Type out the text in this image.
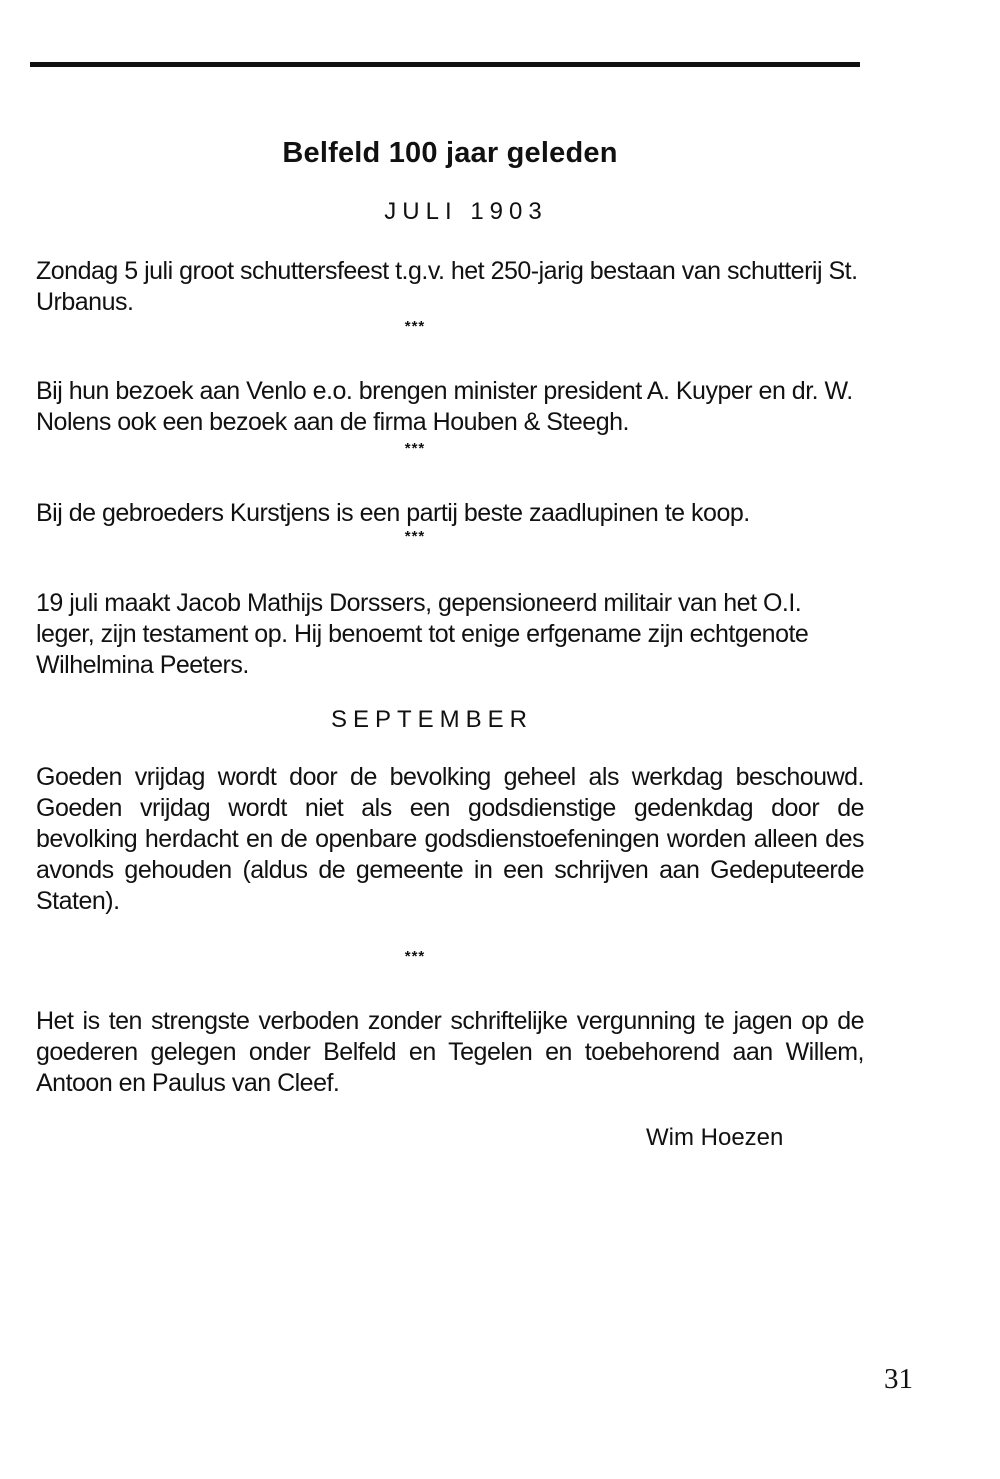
Belfeld 100 jaar geleden
JULI 1903

Zondag 5 juli groot schuttersfeest t.g.v. het 250-jarig bestaan van schutterij St. Urbanus.

***

Bij hun bezoek aan Venlo e.o. brengen minister president A. Kuyper en dr. W. Nolens ook een bezoek aan de firma Houben & Steegh.

***

Bij de gebroeders Kurstjens is een partij beste zaadlupinen te koop.

***

19 juli maakt Jacob Mathijs Dorssers, gepensioneerd militair van het O.I. leger, zijn testament op. Hij benoemt tot enige erfgename zijn echtgenote Wilhelmina Peeters.

SEPTEMBER

Goeden vrijdag wordt door de bevolking geheel als werkdag beschouwd. Goeden vrijdag wordt niet als een godsdienstige gedenkdag door de bevolking herdacht en de openbare godsdienstoefeningen worden alleen des avonds gehouden (aldus de gemeente in een schrijven aan Gedeputeerde Staten).

***

Het is ten strengste verboden zonder schriftelijke vergunning te jagen op de goederen gelegen onder Belfeld en Tegelen en toebehorend aan Willem, Antoon en Paulus van Cleef.

Wim Hoezen
31
